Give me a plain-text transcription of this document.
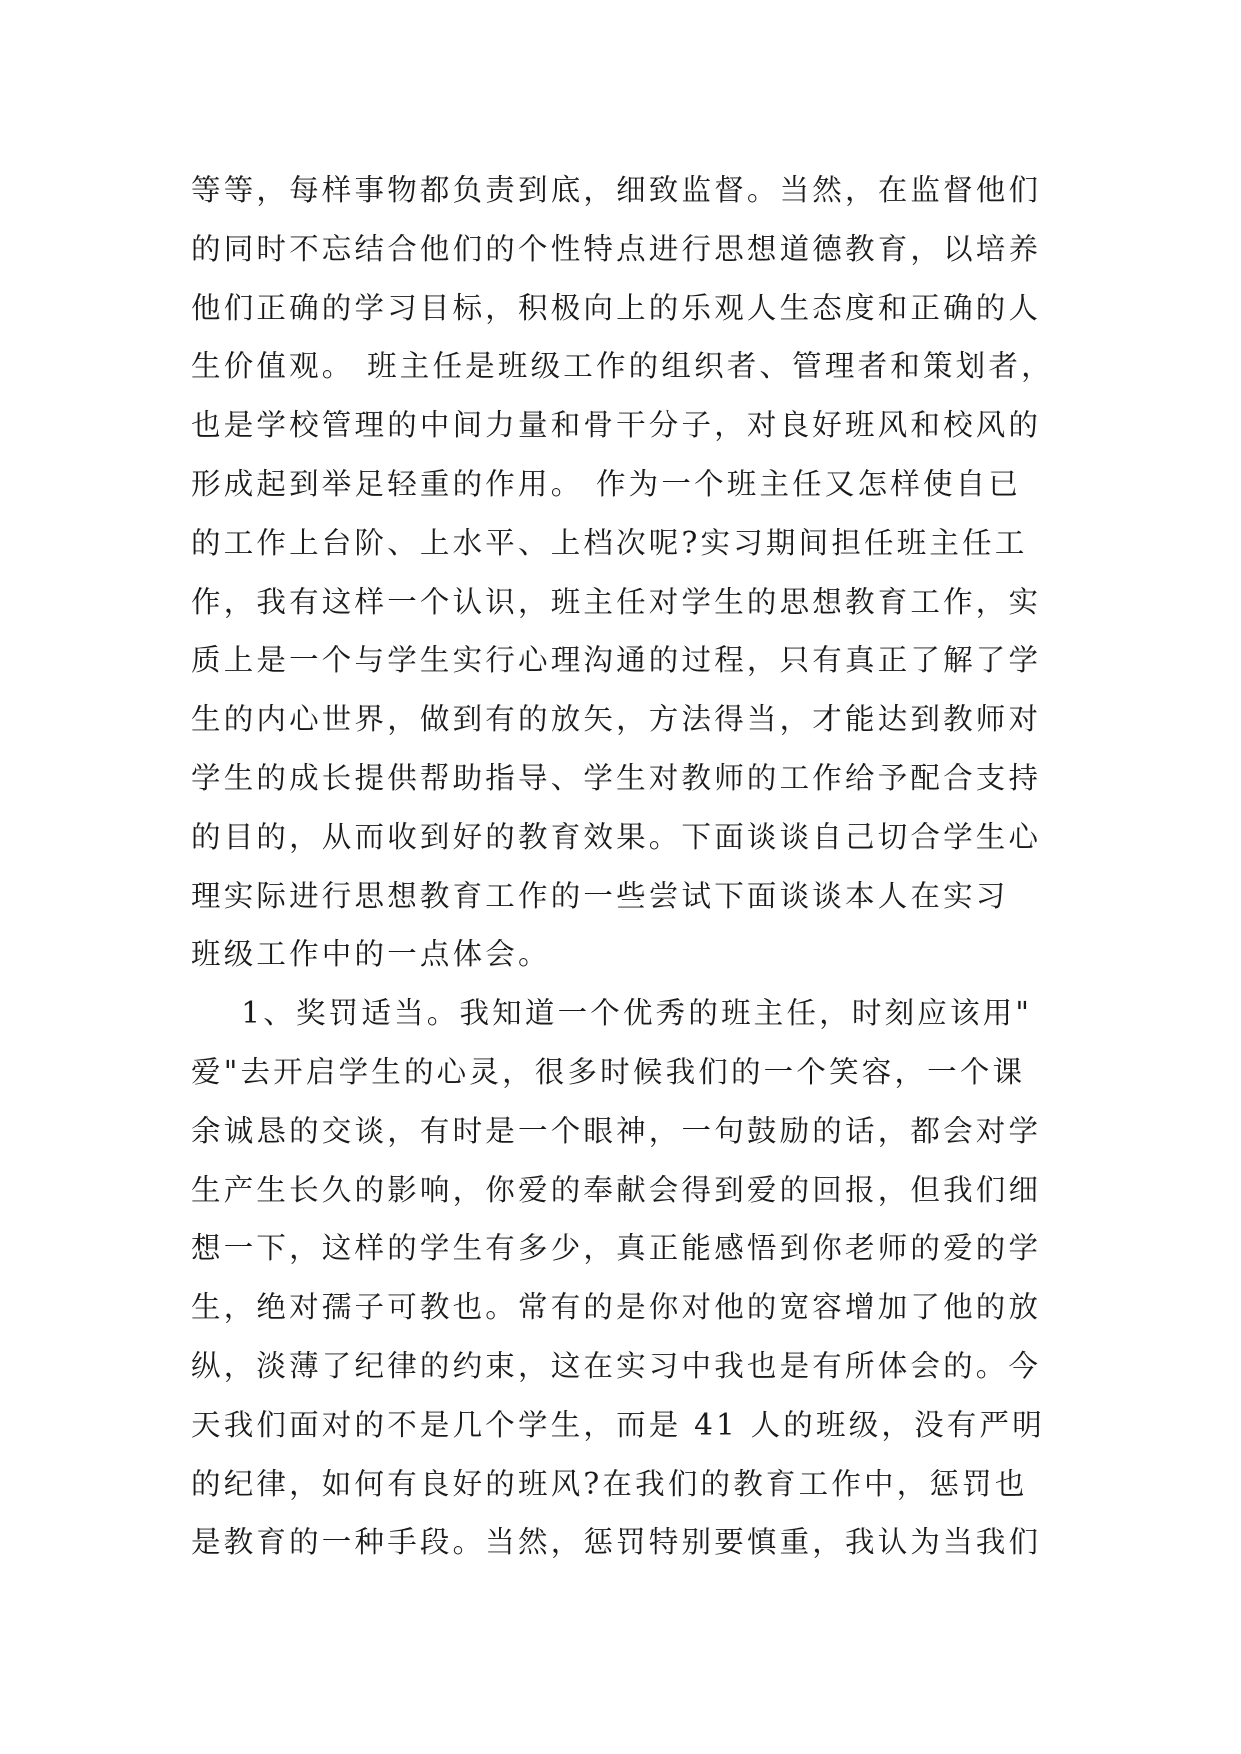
等等，每样事物都负责到底，细致监督。当然，在监督他们
的同时不忘结合他们的个性特点进行思想道德教育，以培养
他们正确的学习目标，积极向上的乐观人生态度和正确的人
生价值观。 班主任是班级工作的组织者、管理者和策划者，
也是学校管理的中间力量和骨干分子，对良好班风和校风的
形成起到举足轻重的作用。 作为一个班主任又怎样使自已
的工作上台阶、上水平、上档次呢?实习期间担任班主任工
作，我有这样一个认识，班主任对学生的思想教育工作，实
质上是一个与学生实行心理沟通的过程，只有真正了解了学
生的内心世界，做到有的放矢，方法得当，才能达到教师对
学生的成长提供帮助指导、学生对教师的工作给予配合支持
的目的，从而收到好的教育效果。下面谈谈自己切合学生心
理实际进行思想教育工作的一些尝试下面谈谈本人在实习
班级工作中的一点体会。
1、奖罚适当。我知道一个优秀的班主任，时刻应该用"
爱"去开启学生的心灵，很多时候我们的一个笑容，一个课
余诚恳的交谈，有时是一个眼神，一句鼓励的话，都会对学
生产生长久的影响，你爱的奉献会得到爱的回报，但我们细
想一下，这样的学生有多少，真正能感悟到你老师的爱的学
生，绝对孺子可教也。常有的是你对他的宽容增加了他的放
纵，淡薄了纪律的约束，这在实习中我也是有所体会的。今
天我们面对的不是几个学生，而是 41 人的班级，没有严明
的纪律，如何有良好的班风?在我们的教育工作中，惩罚也
是教育的一种手段。当然，惩罚特别要慎重，我认为当我们
